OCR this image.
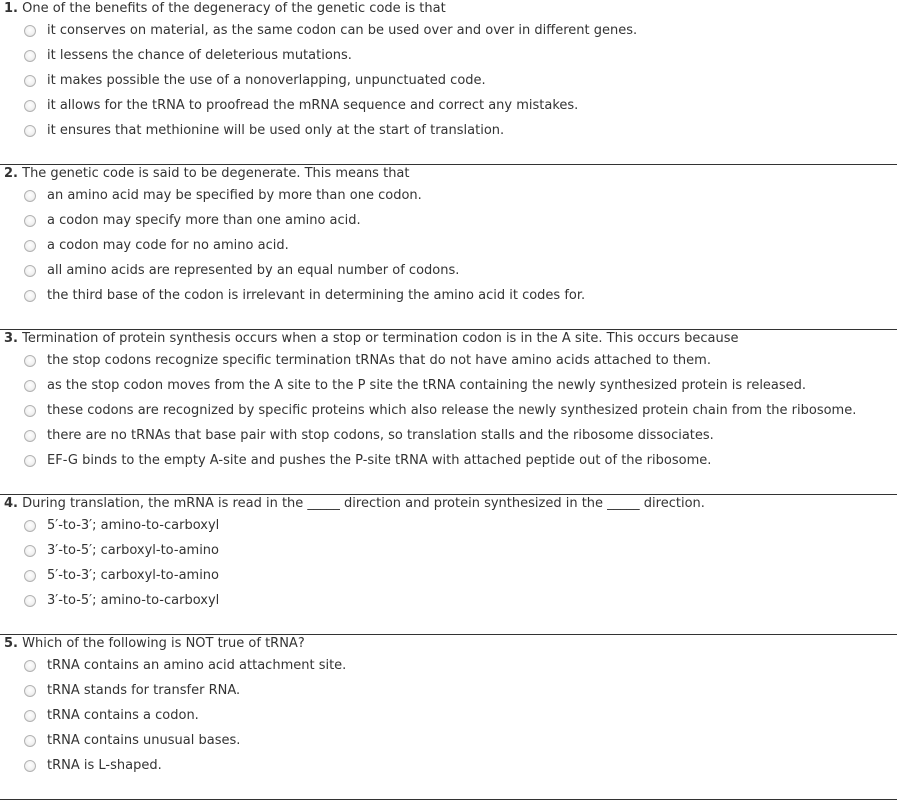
1. One of the benefits of the degeneracy of the genetic code is that
it conserves on material, as the same codon can be used over and over in different genes.
it lessens the chance of deleterious mutations.
it makes possible the use of a nonoverlapping, unpunctuated code.
it allows for the tRNA to proofread the mRNA sequence and correct any mistakes.
it ensures that methionine will be used only at the start of translation.
2. The genetic code is said to be degenerate. This means that
an amino acid may be specified by more than one codon.
a codon may specify more than one amino acid.
a codon may code for no amino acid.
all amino acids are represented by an equal number of codons.
the third base of the codon is irrelevant in determining the amino acid it codes for.
3. Termination of protein synthesis occurs when a stop or termination codon is in the A site. This occurs because
the stop codons recognize specific termination tRNAs that do not have amino acids attached to them.
as the stop codon moves from the A site to the P site the tRNA containing the newly synthesized protein is released.
these codons are recognized by specific proteins which also release the newly synthesized protein chain from the ribosome.
there are no tRNAs that base pair with stop codons, so translation stalls and the ribosome dissociates.
EF-G binds to the empty A-site and pushes the P-site tRNA with attached peptide out of the ribosome.
4. During translation, the mRNA is read in the _____ direction and protein synthesized in the _____ direction.
5′-to-3′; amino-to-carboxyl
3′-to-5′; carboxyl-to-amino
5′-to-3′; carboxyl-to-amino
3′-to-5′; amino-to-carboxyl
5. Which of the following is NOT true of tRNA?
tRNA contains an amino acid attachment site.
tRNA stands for transfer RNA.
tRNA contains a codon.
tRNA contains unusual bases.
tRNA is L-shaped.
